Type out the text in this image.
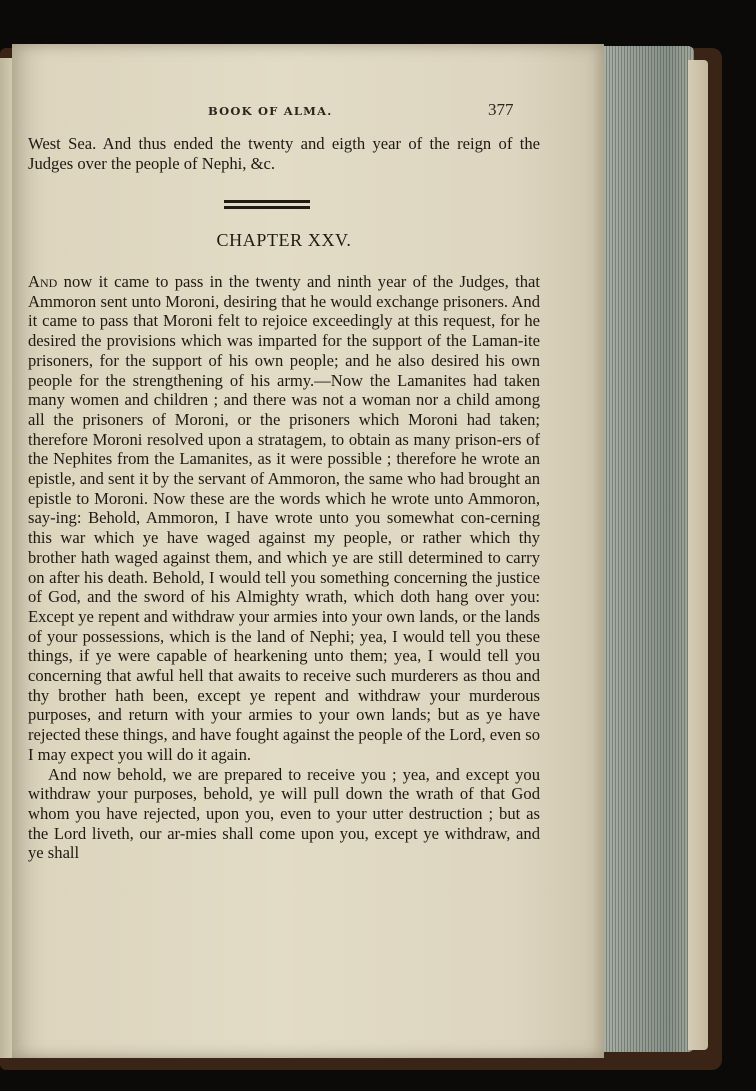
BOOK OF ALMA.	377
West Sea. And thus ended the twenty and eigth year of the reign of the Judges over the people of Nephi, &c.
CHAPTER XXV.

And now it came to pass in the twenty and ninth year of the Judges, that Ammoron sent unto Moroni, desiring that he would exchange prisoners. And it came to pass that Moroni felt to rejoice exceedingly at this request, for he desired the provisions which was imparted for the support of the Laman-ite prisoners, for the support of his own people; and he also desired his own people for the strengthening of his army.—Now the Lamanites had taken many women and children ; and there was not a woman nor a child among all the prisoners of Moroni, or the prisoners which Moroni had taken; therefore Moroni resolved upon a stratagem, to obtain as many prison-ers of the Nephites from the Lamanites, as it were possible ; therefore he wrote an epistle, and sent it by the servant of Ammoron, the same who had brought an epistle to Moroni. Now these are the words which he wrote unto Ammoron, say-ing: Behold, Ammoron, I have wrote unto you somewhat con-cerning this war which ye have waged against my people, or rather which thy brother hath waged against them, and which ye are still determined to carry on after his death. Behold, I would tell you something concerning the justice of God, and the sword of his Almighty wrath, which doth hang over you: Except ye repent and withdraw your armies into your own lands, or the lands of your possessions, which is the land of Nephi; yea, I would tell you these things, if ye were capable of hearkening unto them; yea, I would tell you concerning that awful hell that awaits to receive such murderers as thou and thy brother hath been, except ye repent and withdraw your murderous purposes, and return with your armies to your own lands; but as ye have rejected these things, and have fought against the people of the Lord, even so I may expect you will do it again.

And now behold, we are prepared to receive you ; yea, and except you withdraw your purposes, behold, ye will pull down the wrath of that God whom you have rejected, upon you, even to your utter destruction ; but as the Lord liveth, our ar-mies shall come upon you, except ye withdraw, and ye shall
